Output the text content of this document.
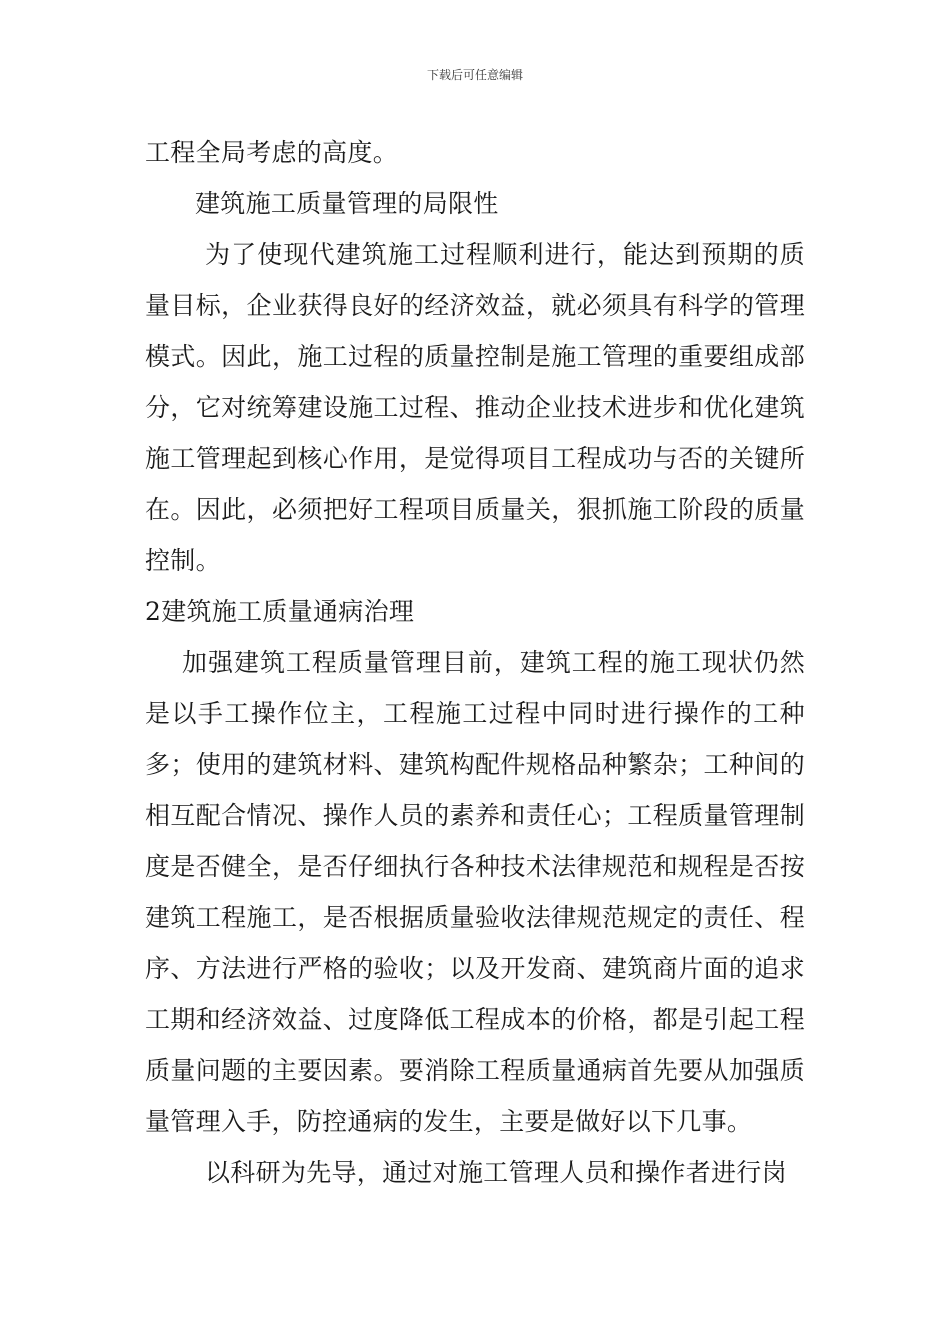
下载后可任意编辑

工程全局考虑的高度。

建筑施工质量管理的局限性

为了使现代建筑施工过程顺利进行，能达到预期的质量目标，企业获得良好的经济效益，就必须具有科学的管理模式。因此，施工过程的质量控制是施工管理的重要组成部分，它对统筹建设施工过程、推动企业技术进步和优化建筑施工管理起到核心作用，是觉得项目工程成功与否的关键所在。因此，必须把好工程项目质量关，狠抓施工阶段的质量控制。

2建筑施工质量通病治理

加强建筑工程质量管理目前，建筑工程的施工现状仍然是以手工操作位主，工程施工过程中同时进行操作的工种多；使用的建筑材料、建筑构配件规格品种繁杂；工种间的相互配合情况、操作人员的素养和责任心；工程质量管理制度是否健全，是否仔细执行各种技术法律规范和规程是否按建筑工程施工，是否根据质量验收法律规范规定的责任、程序、方法进行严格的验收；以及开发商、建筑商片面的追求工期和经济效益、过度降低工程成本的价格，都是引起工程质量问题的主要因素。要消除工程质量通病首先要从加强质量管理入手，防控通病的发生，主要是做好以下几事。

以科研为先导，通过对施工管理人员和操作者进行岗
